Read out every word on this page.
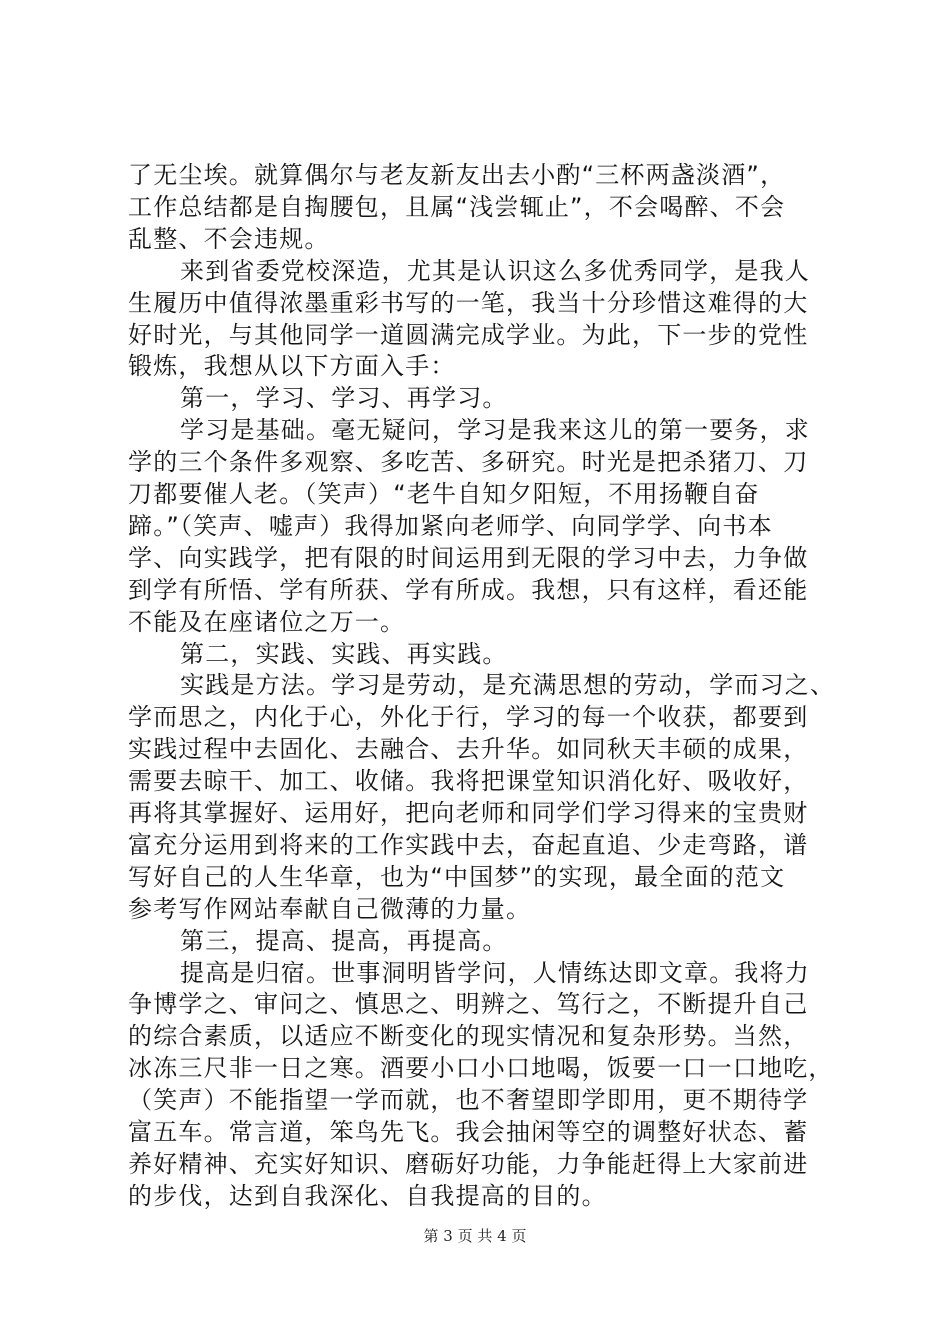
了无尘埃。就算偶尔与老友新友出去小酌“三杯两盏淡酒”，
工作总结都是自掏腰包，且属“浅尝辄止”，不会喝醉、不会
乱整、不会违规。
来到省委党校深造，尤其是认识这么多优秀同学，是我人
生履历中值得浓墨重彩书写的一笔，我当十分珍惜这难得的大
好时光，与其他同学一道圆满完成学业。为此，下一步的党性
锻炼，我想从以下方面入手：
第一，学习、学习、再学习。
学习是基础。毫无疑问，学习是我来这儿的第一要务，求
学的三个条件多观察、多吃苦、多研究。时光是把杀猪刀、刀
刀都要催人老。（笑声）“老牛自知夕阳短，不用扬鞭自奋
蹄。”（笑声、嘘声）我得加紧向老师学、向同学学、向书本
学、向实践学，把有限的时间运用到无限的学习中去，力争做
到学有所悟、学有所获、学有所成。我想，只有这样，看还能
不能及在座诸位之万一。
第二，实践、实践、再实践。
实践是方法。学习是劳动，是充满思想的劳动，学而习之、
学而思之，内化于心，外化于行，学习的每一个收获，都要到
实践过程中去固化、去融合、去升华。如同秋天丰硕的成果，
需要去晾干、加工、收储。我将把课堂知识消化好、吸收好，
再将其掌握好、运用好，把向老师和同学们学习得来的宝贵财
富充分运用到将来的工作实践中去，奋起直追、少走弯路，谱
写好自己的人生华章，也为“中国梦”的实现，最全面的范文
参考写作网站奉献自己微薄的力量。
第三，提高、提高，再提高。
提高是归宿。世事洞明皆学问，人情练达即文章。我将力
争博学之、审问之、慎思之、明辨之、笃行之，不断提升自己
的综合素质，以适应不断变化的现实情况和复杂形势。当然，
冰冻三尺非一日之寒。酒要小口小口地喝，饭要一口一口地吃，
（笑声）不能指望一学而就，也不奢望即学即用，更不期待学
富五车。常言道，笨鸟先飞。我会抽闲等空的调整好状态、蓄
养好精神、充实好知识、磨砺好功能，力争能赶得上大家前进
的步伐，达到自我深化、自我提高的目的。
第 3 页 共 4 页
